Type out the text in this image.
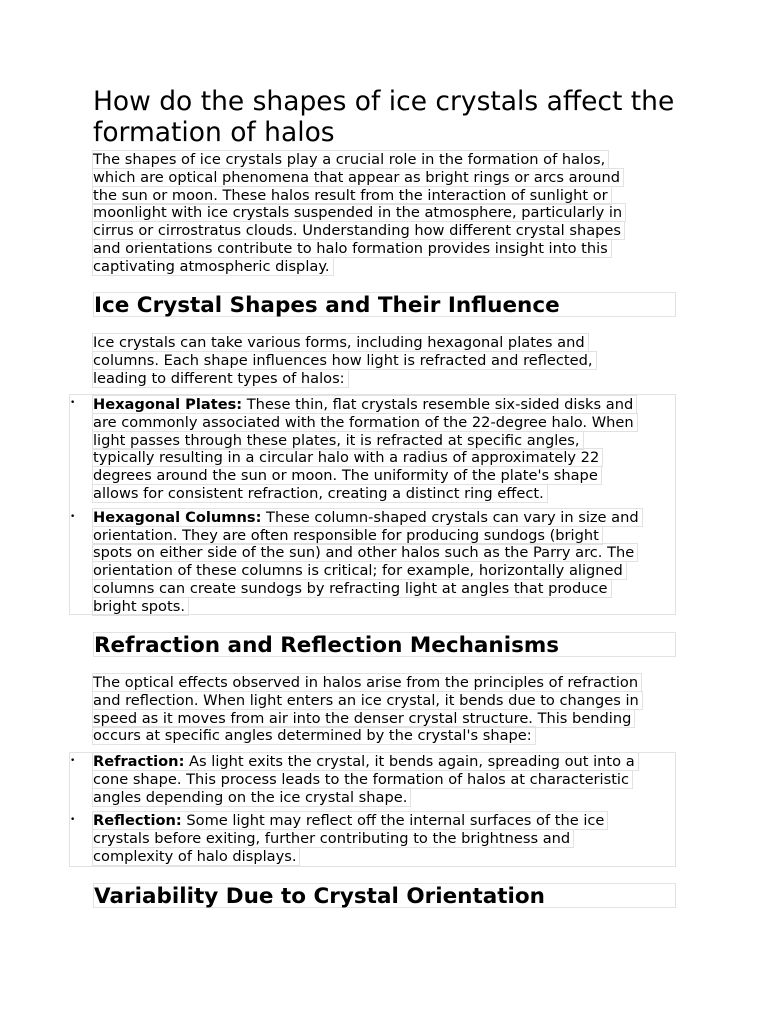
How do the shapes of ice crystals affect the formation of halos

The shapes of ice crystals play a crucial role in the formation of halos,
which are optical phenomena that appear as bright rings or arcs around
the sun or moon. These halos result from the interaction of sunlight or
moonlight with ice crystals suspended in the atmosphere, particularly in
cirrus or cirrostratus clouds. Understanding how different crystal shapes
and orientations contribute to halo formation provides insight into this
captivating atmospheric display.

Ice Crystal Shapes and Their Influence

Ice crystals can take various forms, including hexagonal plates and
columns. Each shape influences how light is refracted and reflected,
leading to different types of halos:

• Hexagonal Plates: These thin, flat crystals resemble six-sided disks and
are commonly associated with the formation of the 22-degree halo. When
light passes through these plates, it is refracted at specific angles,
typically resulting in a circular halo with a radius of approximately 22
degrees around the sun or moon. The uniformity of the plate's shape
allows for consistent refraction, creating a distinct ring effect.
• Hexagonal Columns: These column-shaped crystals can vary in size and
orientation. They are often responsible for producing sundogs (bright
spots on either side of the sun) and other halos such as the Parry arc. The
orientation of these columns is critical; for example, horizontally aligned
columns can create sundogs by refracting light at angles that produce
bright spots.
Refraction and Reflection Mechanisms

The optical effects observed in halos arise from the principles of refraction
and reflection. When light enters an ice crystal, it bends due to changes in
speed as it moves from air into the denser crystal structure. This bending
occurs at specific angles determined by the crystal's shape:

• Refraction: As light exits the crystal, it bends again, spreading out into a
cone shape. This process leads to the formation of halos at characteristic
angles depending on the ice crystal shape.
• Reflection: Some light may reflect off the internal surfaces of the ice
crystals before exiting, further contributing to the brightness and
complexity of halo displays.
Variability Due to Crystal Orientation
